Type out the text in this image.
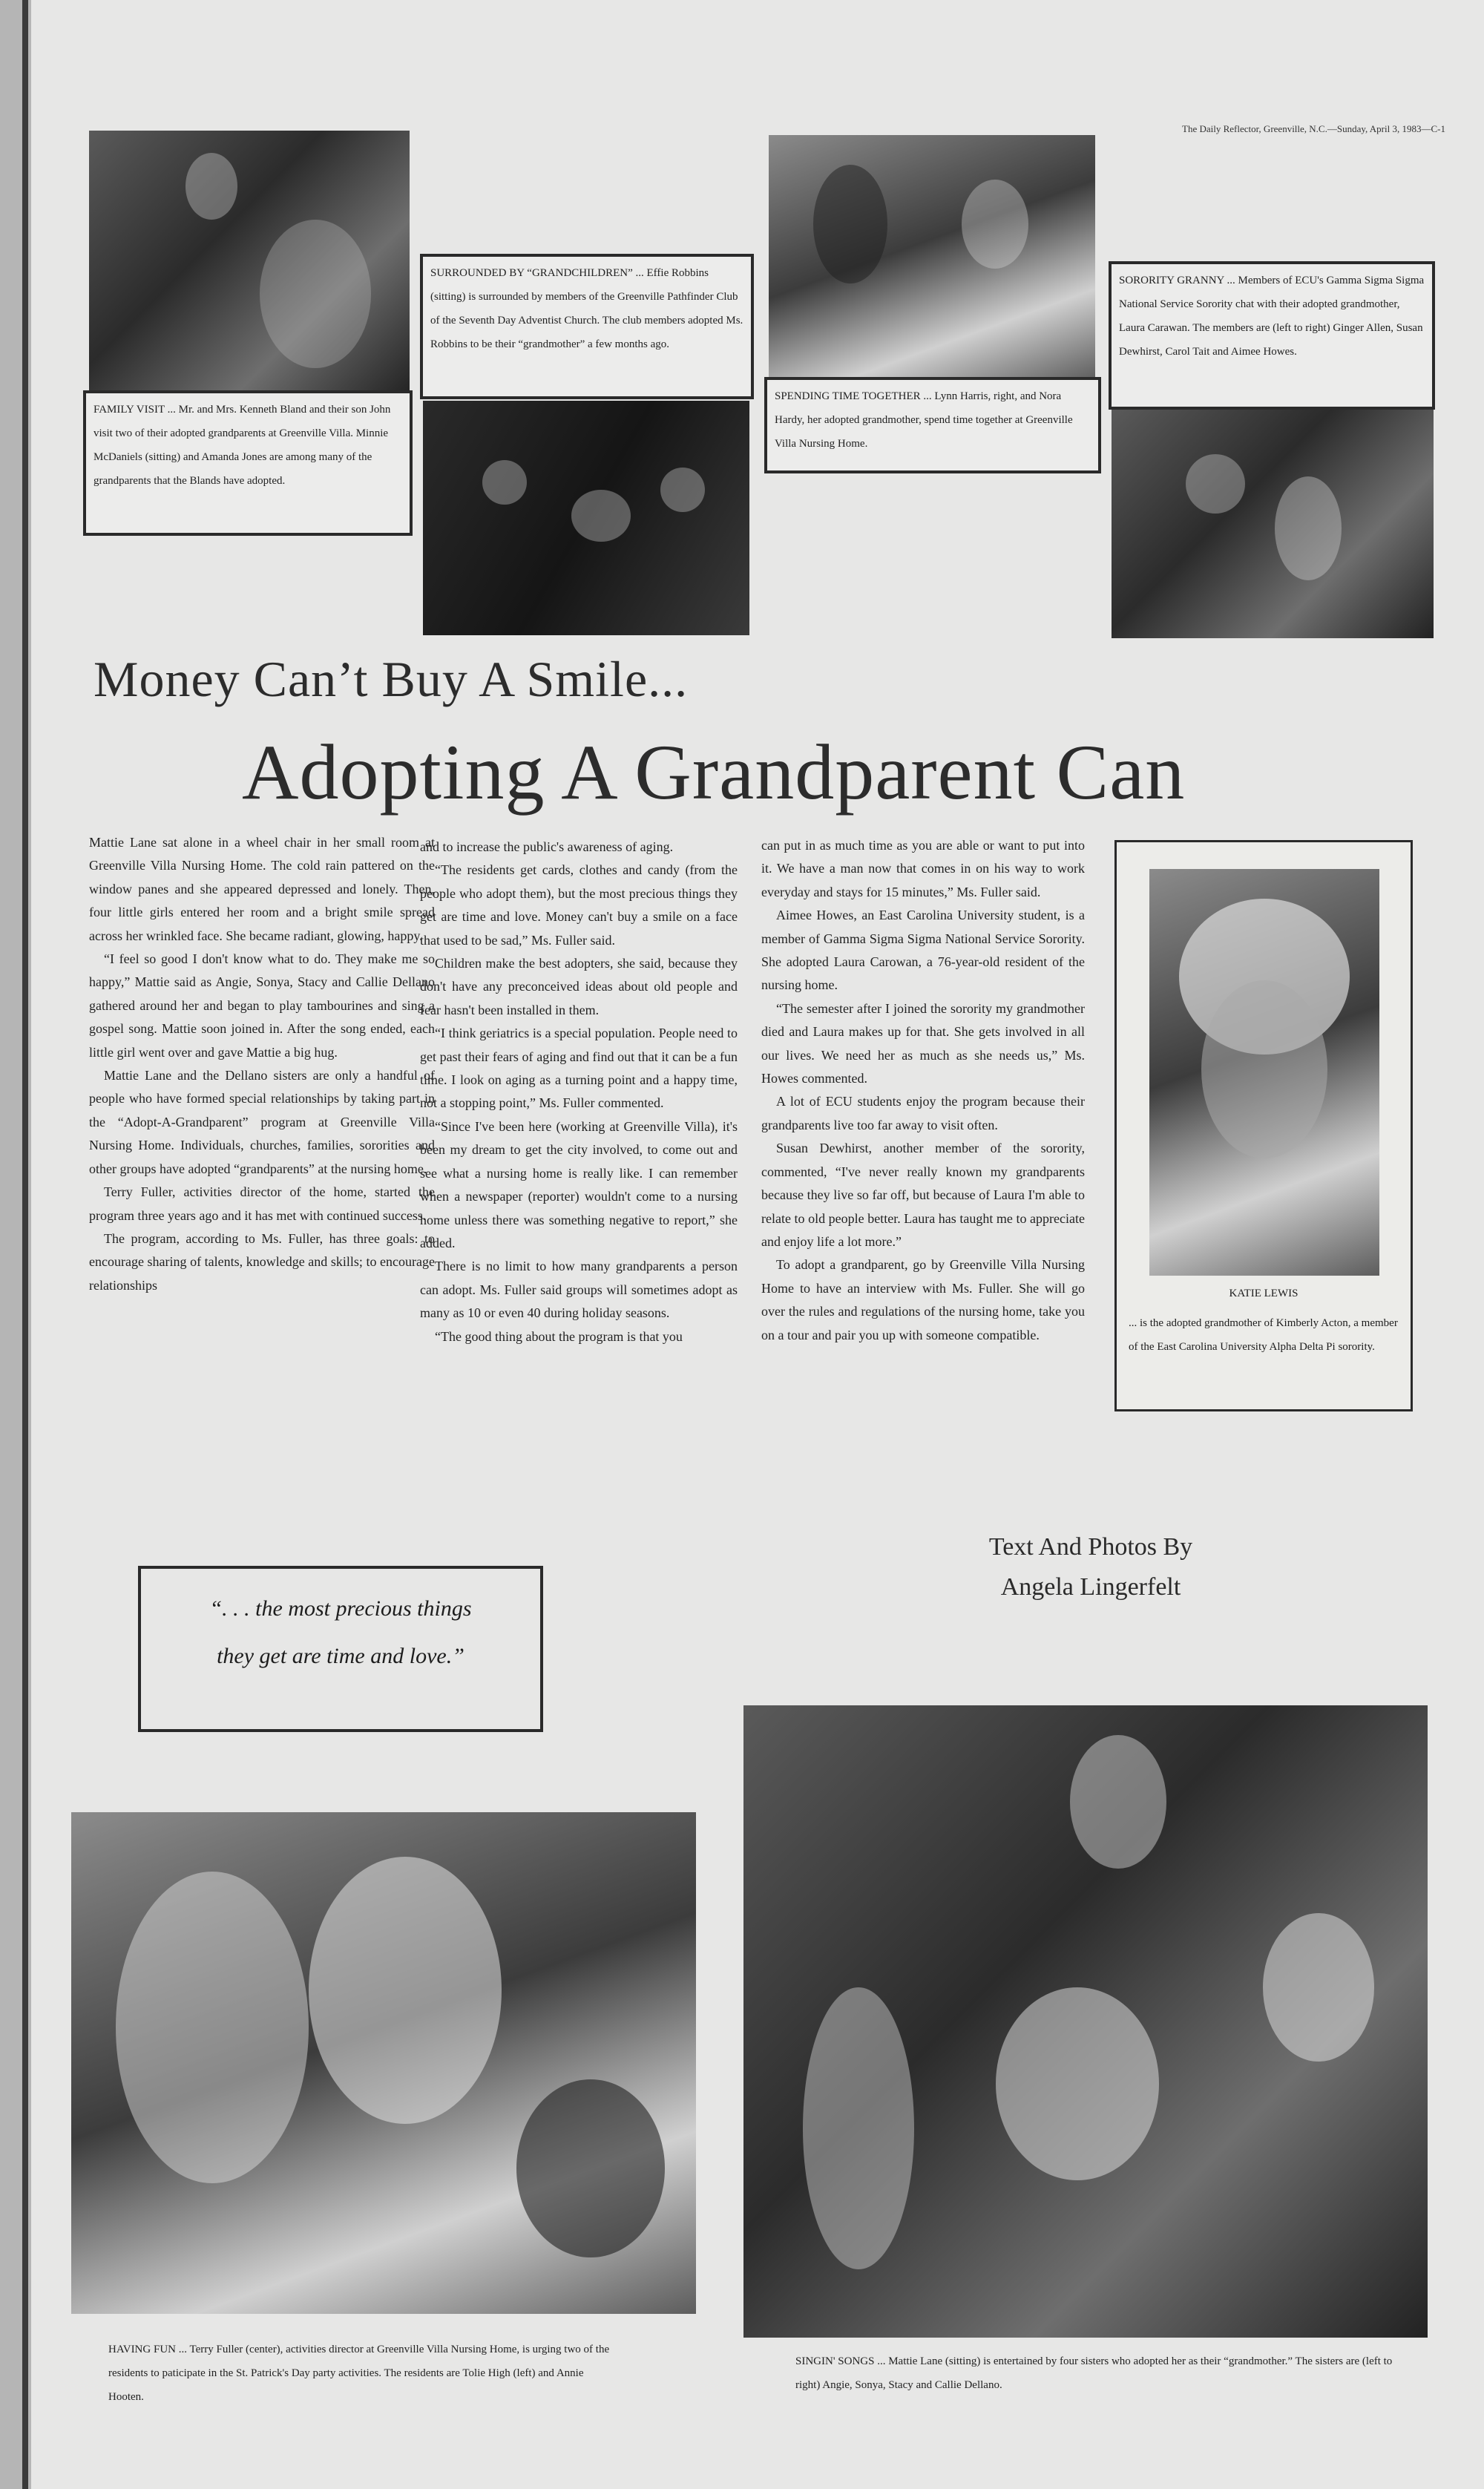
The Daily Reflector, Greenville, N.C.—Sunday, April 3, 1983—C-1
FAMILY VISIT ... Mr. and Mrs. Kenneth Bland and their son John visit two of their adopted grandparents at Greenville Villa. Minnie McDaniels (sitting) and Amanda Jones are among many of the grandparents that the Blands have adopted.
SURROUNDED BY “GRANDCHILDREN” ... Effie Robbins (sitting) is surrounded by members of the Greenville Pathfinder Club of the Seventh Day Adventist Church. The club members adopted Ms. Robbins to be their “grandmother” a few months ago.
SPENDING TIME TOGETHER ... Lynn Harris, right, and Nora Hardy, her adopted grandmother, spend time together at Greenville Villa Nursing Home.
SORORITY GRANNY ... Members of ECU's Gamma Sigma Sigma National Service Sorority chat with their adopted grandmother, Laura Carawan. The members are (left to right) Ginger Allen, Susan Dewhirst, Carol Tait and Aimee Howes.
Money Can’t Buy A Smile...
Adopting A Grandparent Can

Mattie Lane sat alone in a wheel chair in her small room at Greenville Villa Nursing Home. The cold rain pattered on the window panes and she appeared depressed and lonely. Then, four little girls entered her room and a bright smile spread across her wrinkled face. She became radiant, glowing, happy.

“I feel so good I don't know what to do. They make me so happy,” Mattie said as Angie, Sonya, Stacy and Callie Dellano gathered around her and began to play tambourines and sing a gospel song. Mattie soon joined in. After the song ended, each little girl went over and gave Mattie a big hug.

Mattie Lane and the Dellano sisters are only a handful of people who have formed special relationships by taking part in the “Adopt-A-Grandparent” program at Greenville Villa Nursing Home. Individuals, churches, families, sororities and other groups have adopted “grandparents” at the nursing home.

Terry Fuller, activities director of the home, started the program three years ago and it has met with continued success.

The program, according to Ms. Fuller, has three goals: to encourage sharing of talents, knowledge and skills; to encourage relationships

and to increase the public's awareness of aging.

“The residents get cards, clothes and candy (from the people who adopt them), but the most precious things they get are time and love. Money can't buy a smile on a face that used to be sad,” Ms. Fuller said.

Children make the best adopters, she said, because they don't have any preconceived ideas about old people and fear hasn't been installed in them.

“I think geriatrics is a special population. People need to get past their fears of aging and find out that it can be a fun time. I look on aging as a turning point and a happy time, not a stopping point,” Ms. Fuller commented.

“Since I've been here (working at Greenville Villa), it's been my dream to get the city involved, to come out and see what a nursing home is really like. I can remember when a newspaper (reporter) wouldn't come to a nursing home unless there was something negative to report,” she added.

There is no limit to how many grandparents a person can adopt. Ms. Fuller said groups will sometimes adopt as many as 10 or even 40 during holiday seasons.

“The good thing about the program is that you

can put in as much time as you are able or want to put into it. We have a man now that comes in on his way to work everyday and stays for 15 minutes,” Ms. Fuller said.

Aimee Howes, an East Carolina University student, is a member of Gamma Sigma Sigma National Service Sorority. She adopted Laura Carowan, a 76-year-old resident of the nursing home.

“The semester after I joined the sorority my grandmother died and Laura makes up for that. She gets involved in all our lives. We need her as much as she needs us,” Ms. Howes commented.

A lot of ECU students enjoy the program because their grandparents live too far away to visit often.

Susan Dewhirst, another member of the sorority, commented, “I've never really known my grandparents because they live so far off, but because of Laura I'm able to relate to old people better. Laura has taught me to appreciate and enjoy life a lot more.”

To adopt a grandparent, go by Greenville Villa Nursing Home to have an interview with Ms. Fuller. She will go over the rules and regulations of the nursing home, take you on a tour and pair you up with someone compatible.

KATIE LEWIS
... is the adopted grandmother of Kimberly Acton, a member of the East Carolina University Alpha Delta Pi sorority.
Text And Photos By
Angela Lingerfelt
“. . . the most precious things
they get are time and love.”
HAVING FUN ... Terry Fuller (center), activities director at Greenville Villa Nursing Home, is urging two of the residents to paticipate in the St. Patrick's Day party activities. The residents are Tolie High (left) and Annie Hooten.
SINGIN' SONGS ... Mattie Lane (sitting) is entertained by four sisters who adopted her as their “grandmother.” The sisters are (left to right) Angie, Sonya, Stacy and Callie Dellano.
